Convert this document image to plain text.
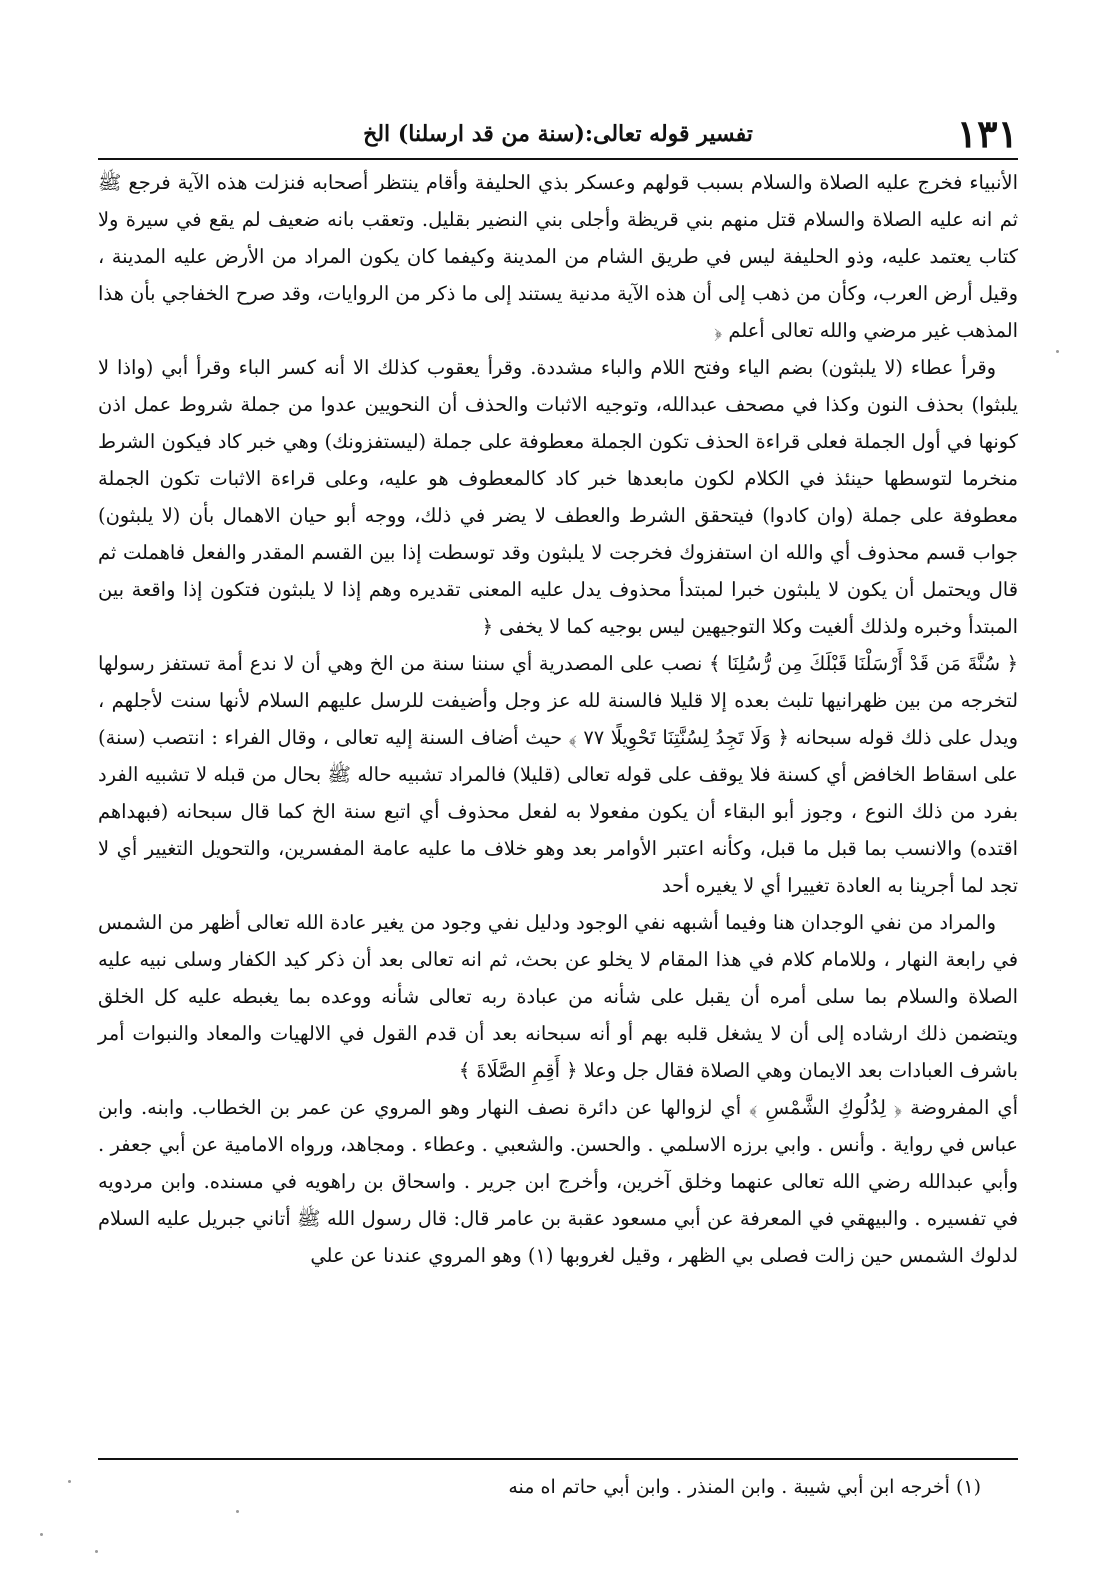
١٣١
تفسير قوله تعالى:(سنة من قد ارسلنا) الخ

الأنبياء فخرج عليه الصلاة والسلام بسبب قولهم وعسكر بذي الحليفة وأقام ينتظر أصحابه فنزلت هذه الآية فرجع ﷺ ثم انه عليه الصلاة والسلام قتل منهم بني قريظة وأجلى بني النضير بقليل. وتعقب بانه ضعيف لم يقع في سيرة ولا كتاب يعتمد عليه، وذو الحليفة ليس في طريق الشام من المدينة وكيفما كان يكون المراد من الأرض عليه المدينة ، وقيل أرض العرب، وكأن من ذهب إلى أن هذه الآية مدنية يستند إلى ما ذكر من الروايات، وقد صرح الخفاجي بأن هذا المذهب غير مرضي والله تعالى أعلم ﴿

وقرأ عطاء (لا يلبثون) بضم الياء وفتح اللام والباء مشددة. وقرأ يعقوب كذلك الا أنه كسر الباء وقرأ أبي (واذا لا يلبثوا) بحذف النون وكذا في مصحف عبدالله، وتوجيه الاثبات والحذف أن النحويين عدوا من جملة شروط عمل اذن كونها في أول الجملة فعلى قراءة الحذف تكون الجملة معطوفة على جملة (ليستفزونك) وهي خبر كاد فيكون الشرط منخرما لتوسطها حينئذ في الكلام لكون مابعدها خبر كاد كالمعطوف هو عليه، وعلى قراءة الاثبات تكون الجملة معطوفة على جملة (وان كادوا) فيتحقق الشرط والعطف لا يضر في ذلك، ووجه أبو حيان الاهمال بأن (لا يلبثون) جواب قسم محذوف أي والله ان استفزوك فخرجت لا يلبثون وقد توسطت إذا بين القسم المقدر والفعل فاهملت ثم قال ويحتمل أن يكون لا يلبثون خبرا لمبتدأ محذوف يدل عليه المعنى تقديره وهم إذا لا يلبثون فتكون إذا واقعة بين المبتدأ وخبره ولذلك ألغيت وكلا التوجيهين ليس بوجيه كما لا يخفى ﴿

﴿ سُنَّةَ مَن قَدْ أَرْسَلْنَا قَبْلَكَ مِن رُّسُلِنَا ﴾ نصب على المصدرية أي سننا سنة من الخ وهي أن لا ندع أمة تستفز رسولها لتخرجه من بين ظهرانيها تلبث بعده إلا قليلا فالسنة لله عز وجل وأضيفت للرسل عليهم السلام لأنها سنت لأجلهم ، ويدل على ذلك قوله سبحانه ﴿ وَلَا تَجِدُ لِسُنَّتِنَا تَحْوِيلًا ٧٧ ﴾ حيث أضاف السنة إليه تعالى ، وقال الفراء : انتصب (سنة) على اسقاط الخافض أي كسنة فلا يوقف على قوله تعالى (قليلا) فالمراد تشبيه حاله ﷺ بحال من قبله لا تشبيه الفرد بفرد من ذلك النوع ، وجوز أبو البقاء أن يكون مفعولا به لفعل محذوف أي اتبع سنة الخ كما قال سبحانه (فبهداهم اقتده) والانسب بما قبل ما قبل، وكأنه اعتبر الأوامر بعد وهو خلاف ما عليه عامة المفسرين، والتحويل التغيير أي لا تجد لما أجرينا به العادة تغييرا أي لا يغيره أحد

والمراد من نفي الوجدان هنا وفيما أشبهه نفي الوجود ودليل نفي وجود من يغير عادة الله تعالى أظهر من الشمس في رابعة النهار ، وللامام كلام في هذا المقام لا يخلو عن بحث، ثم انه تعالى بعد أن ذكر كيد الكفار وسلى نبيه عليه الصلاة والسلام بما سلى أمره أن يقبل على شأنه من عبادة ربه تعالى شأنه ووعده بما يغبطه عليه كل الخلق ويتضمن ذلك ارشاده إلى أن لا يشغل قلبه بهم أو أنه سبحانه بعد أن قدم القول في الالهيات والمعاد والنبوات أمر باشرف العبادات بعد الايمان وهي الصلاة فقال جل وعلا ﴿ أَقِمِ الصَّلَاةَ ﴾

أي المفروضة ﴿ لِدُلُوكِ الشَّمْسِ ﴾ أي لزوالها عن دائرة نصف النهار وهو المروي عن عمر بن الخطاب. وابنه. وابن عباس في رواية . وأنس . وابي برزه الاسلمي . والحسن. والشعبي . وعطاء . ومجاهد، ورواه الامامية عن أبي جعفر . وأبي عبدالله رضي الله تعالى عنهما وخلق آخرين، وأخرج ابن جرير . واسحاق بن راهويه في مسنده. وابن مردويه في تفسيره . والبيهقي في المعرفة عن أبي مسعود عقبة بن عامر قال: قال رسول الله ﷺ أتاني جبريل عليه السلام لدلوك الشمس حين زالت فصلى بي الظهر ، وقيل لغروبها (١) وهو المروي عندنا عن علي

(١) أخرجه ابن أبي شيبة . وابن المنذر . وابن أبي حاتم اه منه
